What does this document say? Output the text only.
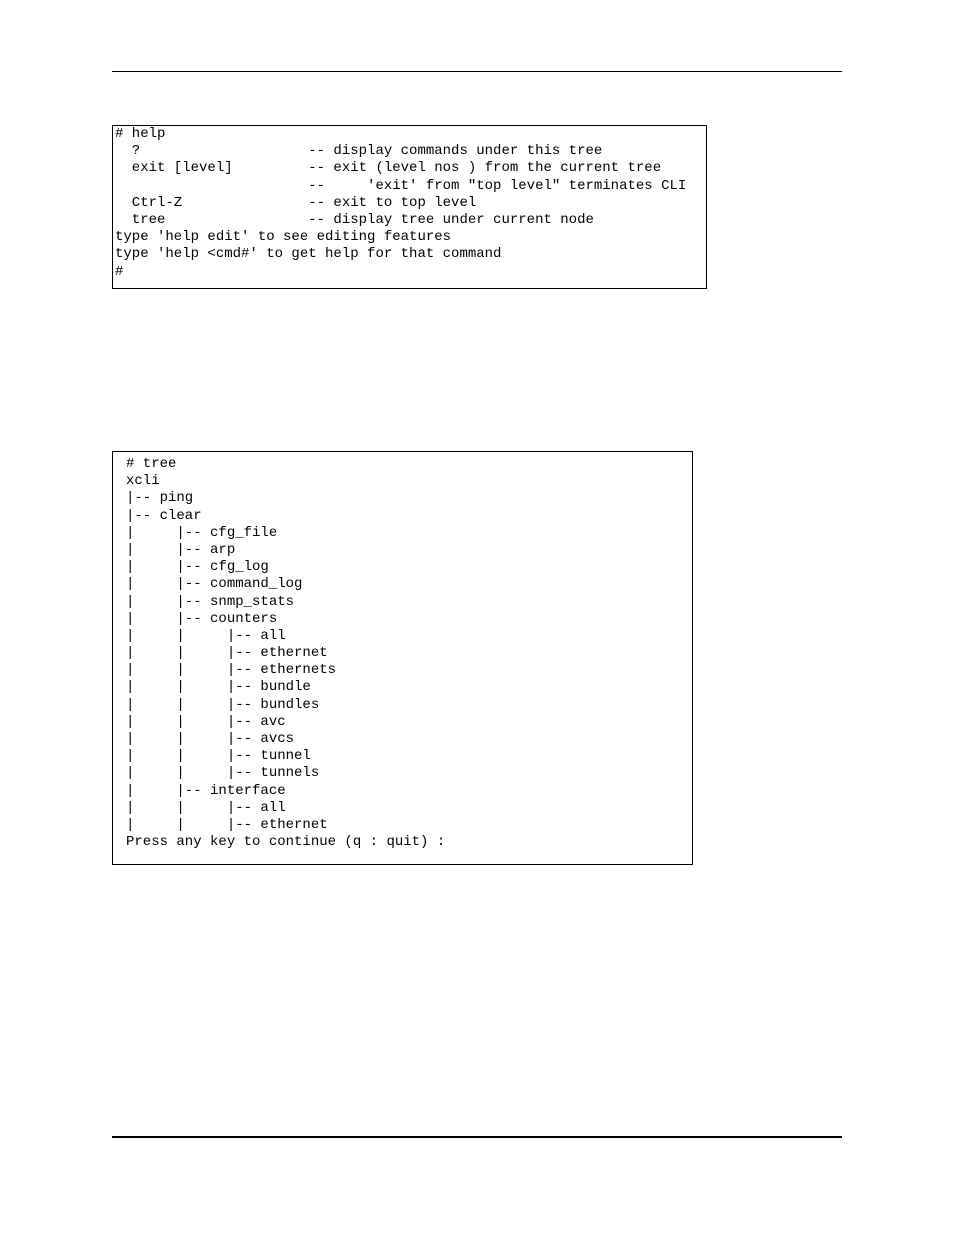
# help
?                    -- display commands under this tree
exit [level]         -- exit (level nos ) from the current tree
--     'exit' from "top level" terminates CLI
Ctrl-Z               -- exit to top level
tree                 -- display tree under current node
type 'help edit' to see editing features
type 'help <cmd#' to get help for that command
#
# tree
xcli
|-- ping
|-- clear
|     |-- cfg_file
|     |-- arp
|     |-- cfg_log
|     |-- command_log
|     |-- snmp_stats
|     |-- counters
|     |     |-- all
|     |     |-- ethernet
|     |     |-- ethernets
|     |     |-- bundle
|     |     |-- bundles
|     |     |-- avc
|     |     |-- avcs
|     |     |-- tunnel
|     |     |-- tunnels
|     |-- interface
|     |     |-- all
|     |     |-- ethernet
Press any key to continue (q : quit) :
